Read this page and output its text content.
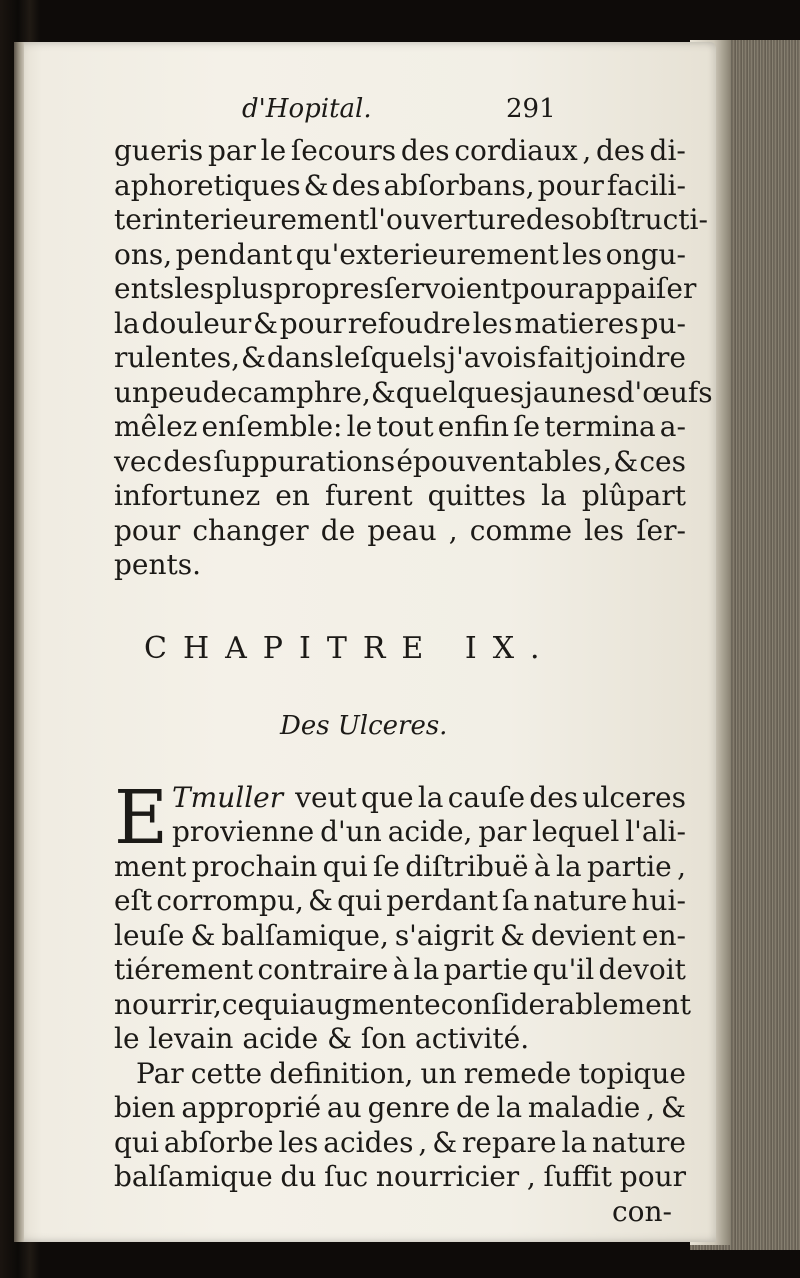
d'Hopital.	291
gueris par le ſecours des cordiaux , des di-
aphoretiques & des abſorbans, pour facili-
ter interieurement l'ouverture des obſtructi-
ons, pendant qu'exterieurement les ongu-
ents les plus propres ſervoient pour appaiſer
la douleur & pour refoudre les matieres pu-
rulentes, & dans leſquels j'avois fait joindre
un peu de camphre, & quelques jaunes d'œufs
mêlez enſemble: le tout enfin ſe termina a-
vec des ſuppurations épouventables , & ces
infortunez en furent quittes la plûpart
pour changer de peau , comme les ſer-
pents.
CHAPITRE IX.
Des Ulceres.
E Tmuller veut que la cauſe des ulceres
provienne d'un acide, par lequel l'ali-
ment prochain qui ſe diſtribuë à la partie ,
eſt corrompu, & qui perdant ſa nature hui-
leuſe & balſamique, s'aigrit & devient en-
tiérement contraire à la partie qu'il devoit
nourrir, ce qui augmente conſiderablement
le levain acide & ſon activité.
Par cette definition, un remede topique
bien approprié au genre de la maladie , &
qui abſorbe les acides , & repare la nature
balſamique du ſuc nourricier , ſuffit pour
con-
